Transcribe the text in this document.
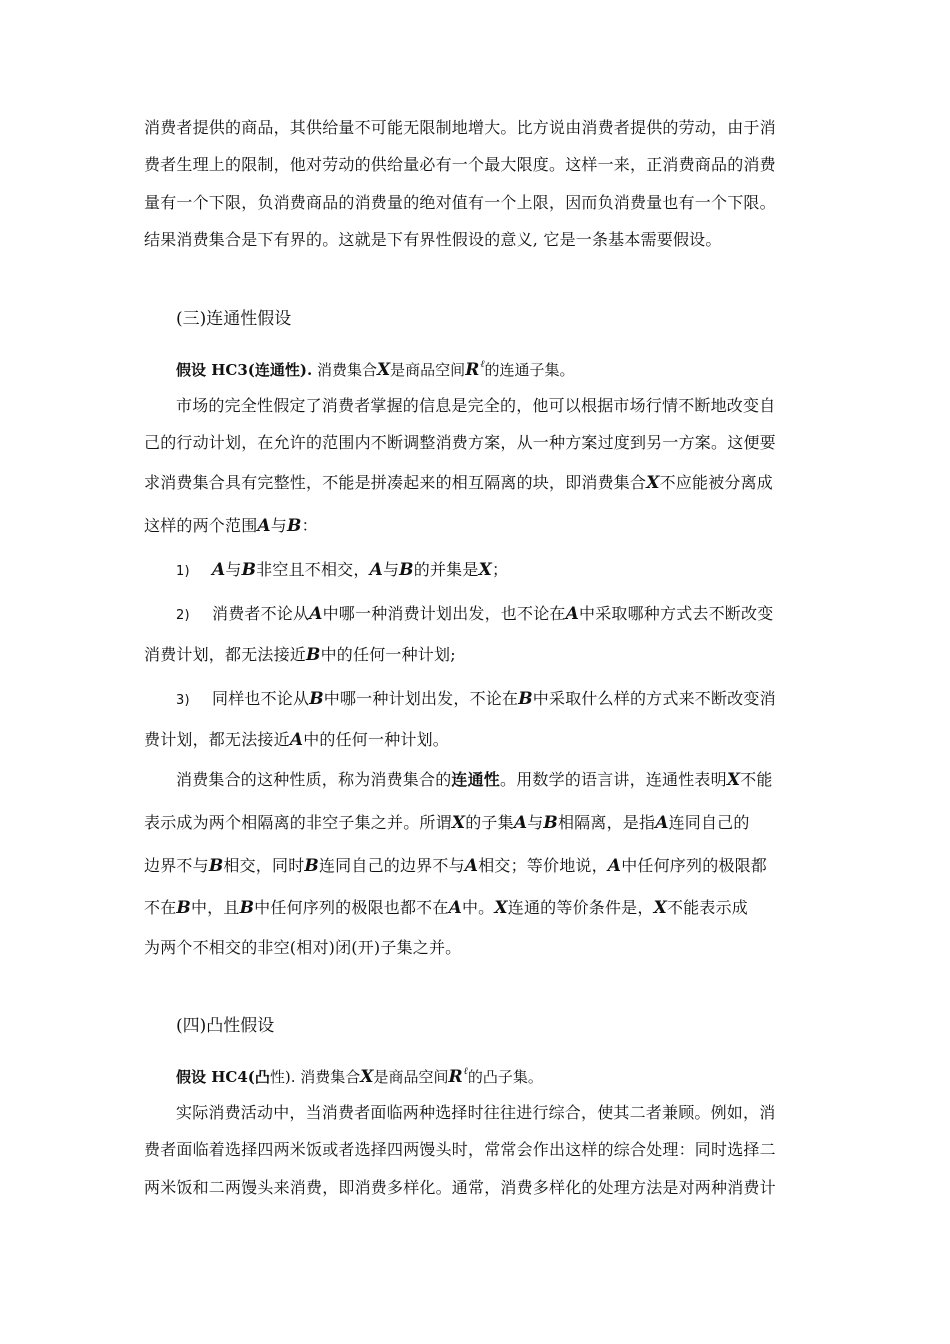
消费者提供的商品，其供给量不可能无限制地增大。比方说由消费者提供的劳动，由于消
费者生理上的限制，他对劳动的供给量必有一个最大限度。这样一来，正消费商品的消费
量有一个下限，负消费商品的消费量的绝对值有一个上限，因而负消费量也有一个下限。
结果消费集合是下有界的。这就是下有界性假设的意义, 它是一条基本需要假设。
(三)连通性假设
假设 HC3(连通性). 消费集合X是商品空间$R^\ell$的连通子集。
市场的完全性假定了消费者掌握的信息是完全的，他可以根据市场行情不断地改变自
己的行动计划，在允许的范围内不断调整消费方案，从一种方案过度到另一方案。这便要
求消费集合具有完整性，不能是拼凑起来的相互隔离的块，即消费集合X不应能被分离成
这样的两个范围A与B：
1) A与B非空且不相交，A与B的并集是X；
2) 消费者不论从A中哪一种消费计划出发，也不论在A中采取哪种方式去不断改变
消费计划，都无法接近B中的任何一种计划;
3) 同样也不论从B中哪一种计划出发，不论在B中采取什么样的方式来不断改变消
费计划，都无法接近A中的任何一种计划。
消费集合的这种性质，称为消费集合的连通性。用数学的语言讲，连通性表明X不能
表示成为两个相隔离的非空子集之并。所谓X的子集A与B相隔离，是指A连同自己的
边界不与B相交，同时B连同自己的边界不与A相交；等价地说，A中任何序列的极限都
不在B中，且B中任何序列的极限也都不在A中。X连通的等价条件是，X不能表示成
为两个不相交的非空(相对)闭(开)子集之并。
(四)凸性假设
假设 HC4(凸性). 消费集合X是商品空间$R^\ell$的凸子集。
实际消费活动中，当消费者面临两种选择时往往进行综合，使其二者兼顾。例如，消
费者面临着选择四两米饭或者选择四两馒头时，常常会作出这样的综合处理：同时选择二
两米饭和二两馒头来消费，即消费多样化。通常，消费多样化的处理方法是对两种消费计
